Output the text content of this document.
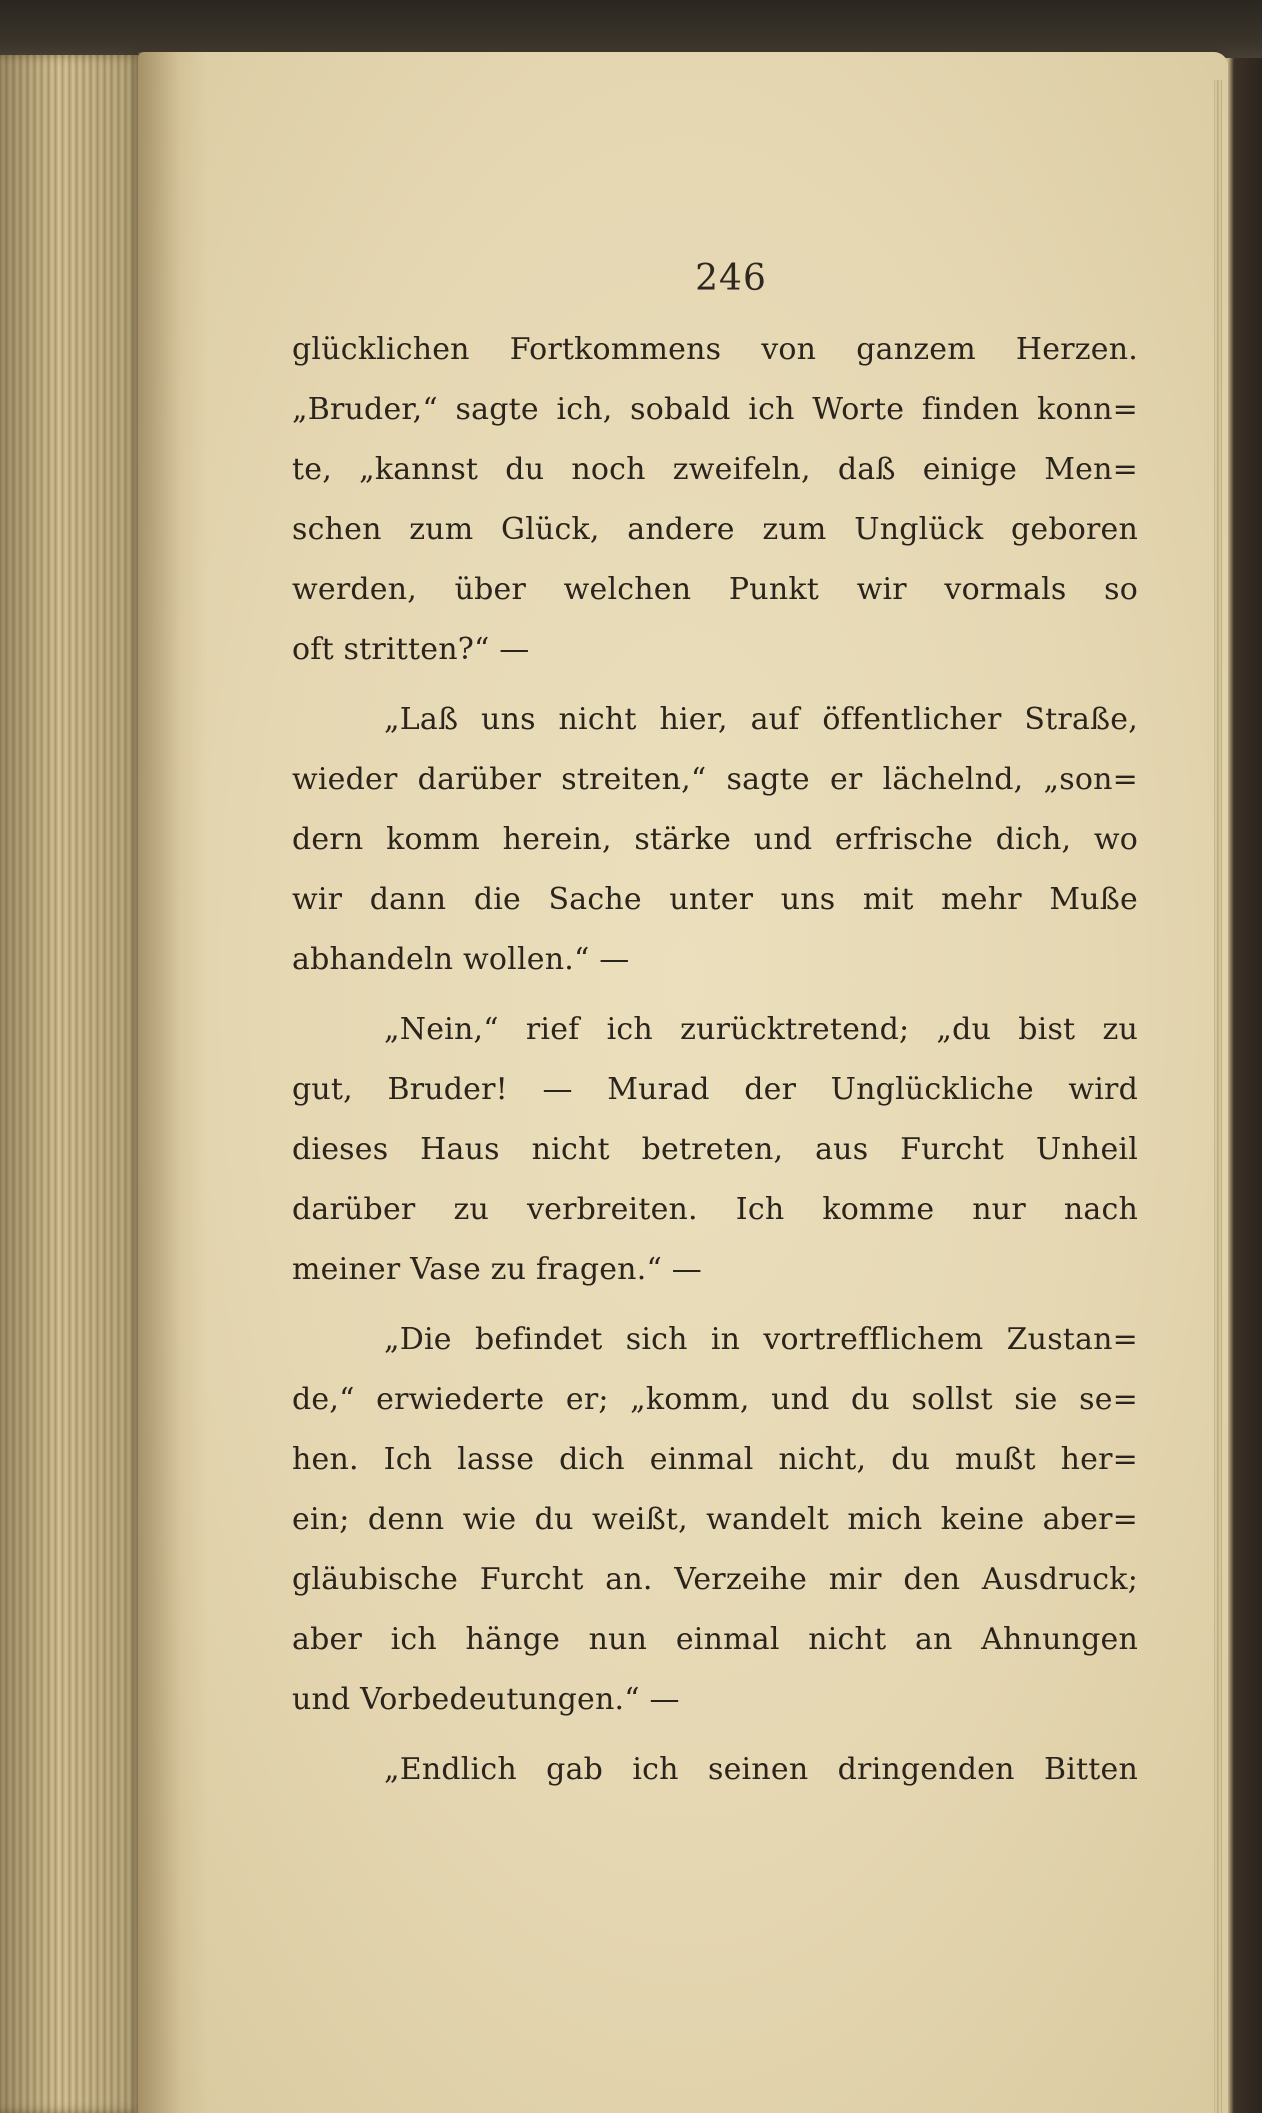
246
glücklichen Fortkommens von ganzem Herzen.
„Bruder,“ sagte ich, sobald ich Worte finden konn=
te, „kannst du noch zweifeln, daß einige Men=
schen zum Glück, andere zum Unglück geboren
werden, über welchen Punkt wir vormals so
oft stritten?“ —
„Laß uns nicht hier, auf öffentlicher Straße,
wieder darüber streiten,“ sagte er lächelnd, „son=
dern komm herein, stärke und erfrische dich, wo
wir dann die Sache unter uns mit mehr Muße
abhandeln wollen.“ —
„Nein,“ rief ich zurücktretend; „du bist zu
gut, Bruder! — Murad der Unglückliche wird
dieses Haus nicht betreten, aus Furcht Unheil
darüber zu verbreiten. Ich komme nur nach
meiner Vase zu fragen.“ —
„Die befindet sich in vortrefflichem Zustan=
de,“ erwiederte er; „komm, und du sollst sie se=
hen. Ich lasse dich einmal nicht, du mußt her=
ein; denn wie du weißt, wandelt mich keine aber=
gläubische Furcht an. Verzeihe mir den Ausdruck;
aber ich hänge nun einmal nicht an Ahnungen
und Vorbedeutungen.“ —
„Endlich gab ich seinen dringenden Bitten
